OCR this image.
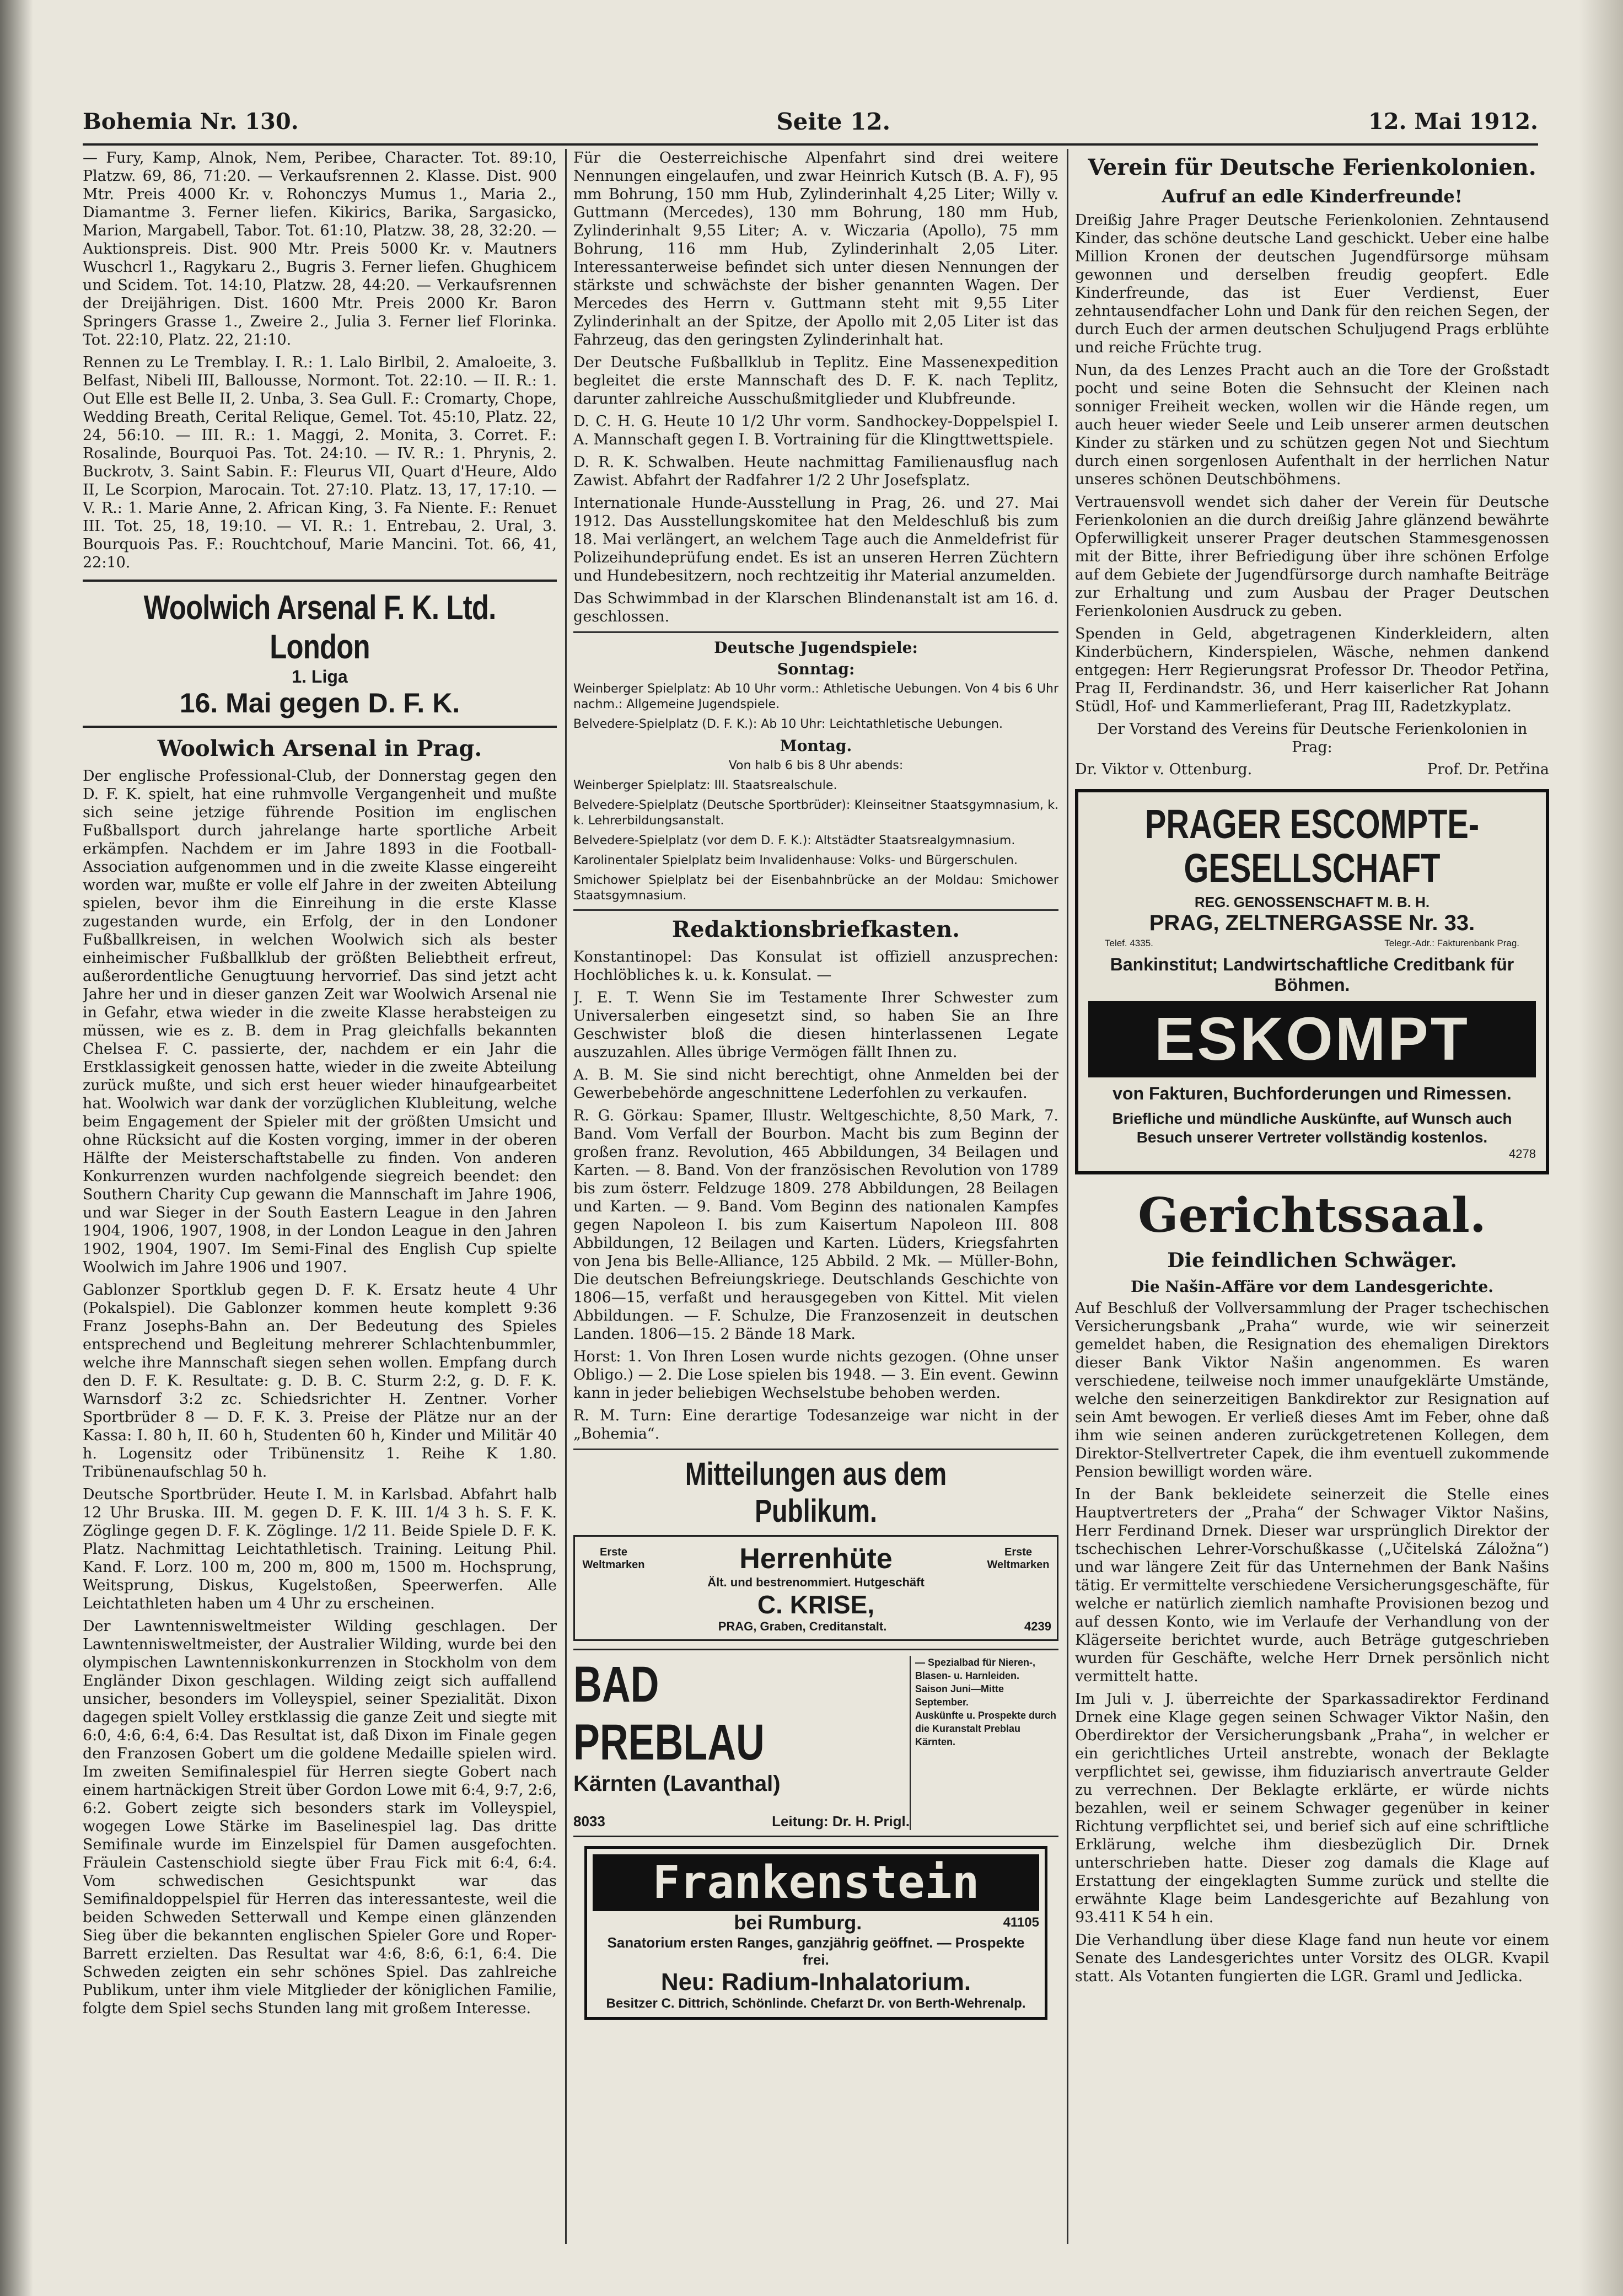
Bohemia Nr. 130.	Seite 12.	12. Mai 1912.

— Fury, Kamp, Alnok, Nem, Peribee, Character. Tot. 89:10, Platzw. 69, 86, 71:20. — Verkaufsrennen 2. Klasse. Dist. 900 Mtr. Preis 4000 Kr. v. Rohonczys Mumus 1., Maria 2., Diamantme 3. Ferner liefen. Kikirics, Barika, Sargasicko, Marion, Margabell, Tabor. Tot. 61:10, Platzw. 38, 28, 32:20. — Auktionspreis. Dist. 900 Mtr. Preis 5000 Kr. v. Mautners Wuschcrl 1., Ragykaru 2., Bugris 3. Ferner liefen. Ghughicem und Scidem. Tot. 14:10, Platzw. 28, 44:20. — Verkaufsrennen der Dreijährigen. Dist. 1600 Mtr. Preis 2000 Kr. Baron Springers Grasse 1., Zweire 2., Julia 3. Ferner lief Florinka. Tot. 22:10, Platz. 22, 21:10.

Rennen zu Le Tremblay. I. R.: 1. Lalo Birlbil, 2. Amaloeite, 3. Belfast, Nibeli III, Ballousse, Normont. Tot. 22:10. — II. R.: 1. Out Elle est Belle II, 2. Unba, 3. Sea Gull. F.: Cromarty, Chope, Wedding Breath, Cerital Relique, Gemel. Tot. 45:10, Platz. 22, 24, 56:10. — III. R.: 1. Maggi, 2. Monita, 3. Corret. F.: Rosalinde, Bourquoi Pas. Tot. 24:10. — IV. R.: 1. Phrynis, 2. Buckrotv, 3. Saint Sabin. F.: Fleurus VII, Quart d'Heure, Aldo II, Le Scorpion, Marocain. Tot. 27:10. Platz. 13, 17, 17:10. — V. R.: 1. Marie Anne, 2. African King, 3. Fa Niente. F.: Renuet III. Tot. 25, 18, 19:10. — VI. R.: 1. Entrebau, 2. Ural, 3. Bourquois Pas. F.: Rouchtchouf, Marie Mancini. Tot. 66, 41, 22:10.

Woolwich Arsenal F. K. Ltd. London
1. Liga
16. Mai gegen D. F. K.
Woolwich Arsenal in Prag.

Der englische Professional-Club, der Donnerstag gegen den D. F. K. spielt, hat eine ruhmvolle Vergangenheit und mußte sich seine jetzige führende Position im englischen Fußballsport durch jahrelange harte sportliche Arbeit erkämpfen. Nachdem er im Jahre 1893 in die Football-Association aufgenommen und in die zweite Klasse eingereiht worden war, mußte er volle elf Jahre in der zweiten Abteilung spielen, bevor ihm die Einreihung in die erste Klasse zugestanden wurde, ein Erfolg, der in den Londoner Fußballkreisen, in welchen Woolwich sich als bester einheimischer Fußballklub der größten Beliebtheit erfreut, außerordentliche Genugtuung hervorrief. Das sind jetzt acht Jahre her und in dieser ganzen Zeit war Woolwich Arsenal nie in Gefahr, etwa wieder in die zweite Klasse herabsteigen zu müssen, wie es z. B. dem in Prag gleichfalls bekannten Chelsea F. C. passierte, der, nachdem er ein Jahr die Erstklassigkeit genossen hatte, wieder in die zweite Abteilung zurück mußte, und sich erst heuer wieder hinaufgearbeitet hat. Woolwich war dank der vorzüglichen Klubleitung, welche beim Engagement der Spieler mit der größten Umsicht und ohne Rücksicht auf die Kosten vorging, immer in der oberen Hälfte der Meisterschaftstabelle zu finden. Von anderen Konkurrenzen wurden nachfolgende siegreich beendet: den Southern Charity Cup gewann die Mannschaft im Jahre 1906, und war Sieger in der South Eastern League in den Jahren 1904, 1906, 1907, 1908, in der London League in den Jahren 1902, 1904, 1907. Im Semi-Final des English Cup spielte Woolwich im Jahre 1906 und 1907.

Gablonzer Sportklub gegen D. F. K. Ersatz heute 4 Uhr (Pokalspiel). Die Gablonzer kommen heute komplett 9:36 Franz Josephs-Bahn an. Der Bedeutung des Spieles entsprechend und Begleitung mehrerer Schlachtenbummler, welche ihre Mannschaft siegen sehen wollen. Empfang durch den D. F. K. Resultate: g. D. B. C. Sturm 2:2, g. D. F. K. Warnsdorf 3:2 zc. Schiedsrichter H. Zentner. Vorher Sportbrüder 8 — D. F. K. 3. Preise der Plätze nur an der Kassa: I. 80 h, II. 60 h, Studenten 60 h, Kinder und Militär 40 h. Logensitz oder Tribünensitz 1. Reihe K 1.80. Tribünenaufschlag 50 h.

Deutsche Sportbrüder. Heute I. M. in Karlsbad. Abfahrt halb 12 Uhr Bruska. III. M. gegen D. F. K. III. 1/4 3 h. S. F. K. Zöglinge gegen D. F. K. Zöglinge. 1/2 11. Beide Spiele D. F. K. Platz. Nachmittag Leichtathletisch. Training. Leitung Phil. Kand. F. Lorz. 100 m, 200 m, 800 m, 1500 m. Hochsprung, Weitsprung, Diskus, Kugelstoßen, Speerwerfen. Alle Leichtathleten haben um 4 Uhr zu erscheinen.

Der Lawntennisweltmeister Wilding geschlagen. Der Lawntennisweltmeister, der Australier Wilding, wurde bei den olympischen Lawntenniskonkurrenzen in Stockholm von dem Engländer Dixon geschlagen. Wilding zeigt sich auffallend unsicher, besonders im Volleyspiel, seiner Spezialität. Dixon dagegen spielt Volley erstklassig die ganze Zeit und siegte mit 6:0, 4:6, 6:4, 6:4. Das Resultat ist, daß Dixon im Finale gegen den Franzosen Gobert um die goldene Medaille spielen wird. Im zweiten Semifinalespiel für Herren siegte Gobert nach einem hartnäckigen Streit über Gordon Lowe mit 6:4, 9:7, 2:6, 6:2. Gobert zeigte sich besonders stark im Volleyspiel, wogegen Lowe Stärke im Baselinespiel lag. Das dritte Semifinale wurde im Einzelspiel für Damen ausgefochten. Fräulein Castenschiold siegte über Frau Fick mit 6:4, 6:4. Vom schwedischen Gesichtspunkt war das Semifinaldoppelspiel für Herren das interessanteste, weil die beiden Schweden Setterwall und Kempe einen glänzenden Sieg über die bekannten englischen Spieler Gore und Roper-Barrett erzielten. Das Resultat war 4:6, 8:6, 6:1, 6:4. Die Schweden zeigten ein sehr schönes Spiel. Das zahlreiche Publikum, unter ihm viele Mitglieder der königlichen Familie, folgte dem Spiel sechs Stunden lang mit großem Interesse.

Für die Oesterreichische Alpenfahrt sind drei weitere Nennungen eingelaufen, und zwar Heinrich Kutsch (B. A. F), 95 mm Bohrung, 150 mm Hub, Zylinderinhalt 4,25 Liter; Willy v. Guttmann (Mercedes), 130 mm Bohrung, 180 mm Hub, Zylinderinhalt 9,55 Liter; A. v. Wiczaria (Apollo), 75 mm Bohrung, 116 mm Hub, Zylinderinhalt 2,05 Liter. Interessanterweise befindet sich unter diesen Nennungen der stärkste und schwächste der bisher genannten Wagen. Der Mercedes des Herrn v. Guttmann steht mit 9,55 Liter Zylinderinhalt an der Spitze, der Apollo mit 2,05 Liter ist das Fahrzeug, das den geringsten Zylinderinhalt hat.

Der Deutsche Fußballklub in Teplitz. Eine Massenexpedition begleitet die erste Mannschaft des D. F. K. nach Teplitz, darunter zahlreiche Ausschußmitglieder und Klubfreunde.

D. C. H. G. Heute 10 1/2 Uhr vorm. Sandhockey-Doppelspiel I. A. Mannschaft gegen I. B. Vortraining für die Klingttwettspiele.

D. R. K. Schwalben. Heute nachmittag Familienausflug nach Zawist. Abfahrt der Radfahrer 1/2 2 Uhr Josefsplatz.

Internationale Hunde-Ausstellung in Prag, 26. und 27. Mai 1912. Das Ausstellungskomitee hat den Meldeschluß bis zum 18. Mai verlängert, an welchem Tage auch die Anmeldefrist für Polizeihundeprüfung endet. Es ist an unseren Herren Züchtern und Hundebesitzern, noch rechtzeitig ihr Material anzumelden.

Das Schwimmbad in der Klarschen Blindenanstalt ist am 16. d. geschlossen.

Deutsche Jugendspiele:
Sonntag:

Weinberger Spielplatz: Ab 10 Uhr vorm.: Athletische Uebungen. Von 4 bis 6 Uhr nachm.: Allgemeine Jugendspiele.

Belvedere-Spielplatz (D. F. K.): Ab 10 Uhr: Leichtathletische Uebungen.

Montag.

Von halb 6 bis 8 Uhr abends:

Weinberger Spielplatz: III. Staatsrealschule.

Belvedere-Spielplatz (Deutsche Sportbrüder): Kleinseitner Staatsgymnasium, k. k. Lehrerbildungsanstalt.

Belvedere-Spielplatz (vor dem D. F. K.): Altstädter Staatsrealgymnasium.

Karolinentaler Spielplatz beim Invalidenhause: Volks- und Bürgerschulen.

Smichower Spielplatz bei der Eisenbahnbrücke an der Moldau: Smichower Staatsgymnasium.

Redaktionsbriefkasten.

Konstantinopel: Das Konsulat ist offiziell anzusprechen: Hochlöbliches k. u. k. Konsulat. —

J. E. T. Wenn Sie im Testamente Ihrer Schwester zum Universalerben eingesetzt sind, so haben Sie an Ihre Geschwister bloß die diesen hinterlassenen Legate auszuzahlen. Alles übrige Vermögen fällt Ihnen zu.

A. B. M. Sie sind nicht berechtigt, ohne Anmelden bei der Gewerbebehörde angeschnittene Lederfohlen zu verkaufen.

R. G. Görkau: Spamer, Illustr. Weltgeschichte, 8,50 Mark, 7. Band. Vom Verfall der Bourbon. Macht bis zum Beginn der großen franz. Revolution, 465 Abbildungen, 34 Beilagen und Karten. — 8. Band. Von der französischen Revolution von 1789 bis zum österr. Feldzuge 1809. 278 Abbildungen, 28 Beilagen und Karten. — 9. Band. Vom Beginn des nationalen Kampfes gegen Napoleon I. bis zum Kaisertum Napoleon III. 808 Abbildungen, 12 Beilagen und Karten. Lüders, Kriegsfahrten von Jena bis Belle-Alliance, 125 Abbild. 2 Mk. — Müller-Bohn, Die deutschen Befreiungskriege. Deutschlands Geschichte von 1806—15, verfaßt und herausgegeben von Kittel. Mit vielen Abbildungen. — F. Schulze, Die Franzosenzeit in deutschen Landen. 1806—15. 2 Bände 18 Mark.

Horst: 1. Von Ihren Losen wurde nichts gezogen. (Ohne unser Obligo.) — 2. Die Lose spielen bis 1948. — 3. Ein event. Gewinn kann in jeder beliebigen Wechselstube behoben werden.

R. M. Turn: Eine derartige Todesanzeige war nicht in der „Bohemia“.

Mitteilungen aus dem Publikum.
Erste Weltmarken	Herrenhüte	Erste Weltmarken
Ält. und bestrenommiert. Hutgeschäft
C. KRISE,
PRAG, Graben, Creditanstalt.	4239
BAD PREBLAU
Kärnten (Lavanthal)
8033	Leitung: Dr. H. Prigl.
— Spezialbad für Nieren-, Blasen- u. Harnleiden.
Saison Juni—Mitte September.
Auskünfte u. Prospekte durch die Kuranstalt Preblau Kärnten.
Frankenstein
bei Rumburg.	41105
Sanatorium ersten Ranges, ganzjährig geöffnet. — Prospekte frei.
Neu: Radium-Inhalatorium.
Besitzer C. Dittrich, Schönlinde. Chefarzt Dr. von Berth-Wehrenalp.
Verein für Deutsche Ferienkolonien.
Aufruf an edle Kinderfreunde!

Dreißig Jahre Prager Deutsche Ferienkolonien. Zehntausend Kinder, das schöne deutsche Land geschickt. Ueber eine halbe Million Kronen der deutschen Jugendfürsorge mühsam gewonnen und derselben freudig geopfert. Edle Kinderfreunde, das ist Euer Verdienst, Euer zehntausendfacher Lohn und Dank für den reichen Segen, der durch Euch der armen deutschen Schuljugend Prags erblühte und reiche Früchte trug.

Nun, da des Lenzes Pracht auch an die Tore der Großstadt pocht und seine Boten die Sehnsucht der Kleinen nach sonniger Freiheit wecken, wollen wir die Hände regen, um auch heuer wieder Seele und Leib unserer armen deutschen Kinder zu stärken und zu schützen gegen Not und Siechtum durch einen sorgenlosen Aufenthalt in der herrlichen Natur unseres schönen Deutschböhmens.

Vertrauensvoll wendet sich daher der Verein für Deutsche Ferienkolonien an die durch dreißig Jahre glänzend bewährte Opferwilligkeit unserer Prager deutschen Stammesgenossen mit der Bitte, ihrer Befriedigung über ihre schönen Erfolge auf dem Gebiete der Jugendfürsorge durch namhafte Beiträge zur Erhaltung und zum Ausbau der Prager Deutschen Ferienkolonien Ausdruck zu geben.

Spenden in Geld, abgetragenen Kinderkleidern, alten Kinderbüchern, Kinderspielen, Wäsche, nehmen dankend entgegen: Herr Regierungsrat Professor Dr. Theodor Petřina, Prag II, Ferdinandstr. 36, und Herr kaiserlicher Rat Johann Stüdl, Hof- und Kammerlieferant, Prag III, Radetzkyplatz.

Der Vorstand des Vereins für Deutsche Ferienkolonien in Prag:

Dr. Viktor v. Ottenburg.	Prof. Dr. Petřina
PRAGER ESCOMPTE-GESELLSCHAFT
REG. GENOSSENSCHAFT M. B. H.
PRAG, ZELTNERGASSE Nr. 33.
Telef. 4335.	Telegr.-Adr.: Fakturenbank Prag.
Bankinstitut; Landwirtschaftliche Creditbank für Böhmen.
ESKOMPT
von Fakturen, Buchforderungen und Rimessen.
Briefliche und mündliche Auskünfte, auf Wunsch auch Besuch unserer Vertreter vollständig kostenlos.
4278
Gerichtssaal.
Die feindlichen Schwäger.
Die Našin-Affäre vor dem Landesgerichte.

Auf Beschluß der Vollversammlung der Prager tschechischen Versicherungsbank „Praha“ wurde, wie wir seinerzeit gemeldet haben, die Resignation des ehemaligen Direktors dieser Bank Viktor Našin angenommen. Es waren verschiedene, teilweise noch immer unaufgeklärte Umstände, welche den seinerzeitigen Bankdirektor zur Resignation auf sein Amt bewogen. Er verließ dieses Amt im Feber, ohne daß ihm wie seinen anderen zurückgetretenen Kollegen, dem Direktor-Stellvertreter Capek, die ihm eventuell zukommende Pension bewilligt worden wäre.

In der Bank bekleidete seinerzeit die Stelle eines Hauptvertreters der „Praha“ der Schwager Viktor Našins, Herr Ferdinand Drnek. Dieser war ursprünglich Direktor der tschechischen Lehrer-Vorschußkasse („Učitelská Záložna“) und war längere Zeit für das Unternehmen der Bank Našins tätig. Er vermittelte verschiedene Versicherungsgeschäfte, für welche er natürlich ziemlich namhafte Provisionen bezog und auf dessen Konto, wie im Verlaufe der Verhandlung von der Klägerseite berichtet wurde, auch Beträge gutgeschrieben wurden für Geschäfte, welche Herr Drnek persönlich nicht vermittelt hatte.

Im Juli v. J. überreichte der Sparkassadirektor Ferdinand Drnek eine Klage gegen seinen Schwager Viktor Našin, den Oberdirektor der Versicherungsbank „Praha“, in welcher er ein gerichtliches Urteil anstrebte, wonach der Beklagte verpflichtet sei, gewisse, ihm fiduziarisch anvertraute Gelder zu verrechnen. Der Beklagte erklärte, er würde nichts bezahlen, weil er seinem Schwager gegenüber in keiner Richtung verpflichtet sei, und berief sich auf eine schriftliche Erklärung, welche ihm diesbezüglich Dir. Drnek unterschrieben hatte. Dieser zog damals die Klage auf Erstattung der eingeklagten Summe zurück und stellte die erwähnte Klage beim Landesgerichte auf Bezahlung von 93.411 K 54 h ein.

Die Verhandlung über diese Klage fand nun heute vor einem Senate des Landesgerichtes unter Vorsitz des OLGR. Kvapil statt. Als Votanten fungierten die LGR. Graml und Jedlicka.
